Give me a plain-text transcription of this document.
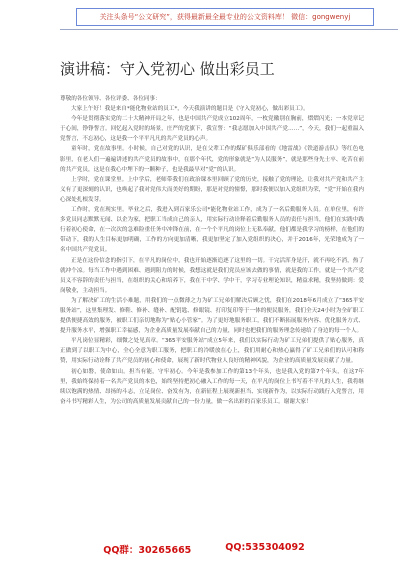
关注头条号“公文研究”，获得最新最全最专业的公文资料库！ 微信：gongwenyj
演讲稿：守入党初心 做出彩员工

尊敬的各位领导、各位评委、各位同事：

大家上午好！我是来自*能化物业站的员工*，今天我演讲的题目是《守入党初心，做出彩员工》。

今年是贯彻落实党的二十大精神开局之年，也是中国共产党成立102周年，一枚党徽别在胸前，熠熠闪光；一本党章记于心间，铮铮誓言。回忆起入党时的场景，庄严的党旗下，我宣誓：“我志愿加入中国共产党……”，今天，我们一起重温入党誓言，不忘初心，这是我一个平平凡凡的共产党员的心声。

童年时，党在故事里。小时候，自己对党的认识，是在父辈工作的煤矿俱乐部看的《地雷战》《铁道游击队》等红色电影里，在老人们一遍遍讲述的共产党员的故事中，在那个年代，党的形象就是“为人民服务”，就是那些身先士卒、吃苦在前的共产党员，这是在我心中埋下的一颗种子，也是我最早对“党”的认识。

上学时，党在课堂里。上中学后，老师带我们在政治课本里回顾了党的历史，接触了党的理论，让我对共产党和共产主义有了更深刻的认识，也唤起了我对党伟大而美好的期盼，那是对党的憧憬，那时我便以加入党组织为荣，“党”开始在我内心深处扎根发芽。

工作时，党在现实里。毕业之后，我进入到百家乐公司*能化物业站工作，成为了一名后勤服务人员。在单位里，有许多党员同志默默无闻、以企为家，把职工当成自己的亲人，用实际行动诠释着后勤服务人员的责任与担当，他们在实践中践行着初心使命，在一次次的急难险重任务中冲锋在前，在一个个平凡的岗位上无私奉献，他们都是我学习的榜样，在他们的带动下，我的人生目标更加明确，工作的方向更加清晰，我更加坚定了加入党组织的决心，并于2016年，光荣地成为了一名中国共产党党员。

正是在这份信念的指引下，在平凡的岗位中，我也开始逐渐追逐了这里的一切。干完活浑身是汗，就不再吃不消，热了就冲个凉。每当工作中遇到困难、遇到阻力的时候，我想这就是我们党员应该去做的事情，就是我的工作，就是一个共产党员义不容辞的责任与担当，在组织的关心和培养下，我在干中学、学中干，学习专业理论知识，精益求精，我坚持做到：爱岗敬业，主动担当。

为了解决矿工的生活小难题，用我们的一点微薄之力为矿工兄弟们解决后顾之忧，我们在2018年6月成立了“365平安服务站”，这里集理发、修鞋、修补、缝补、配钥匙、修眼镜、打印复印等于一体的便民服务，我们全天24小时为全矿职工提供便捷高效的服务，被职工们亲切地称为“贴心小管家”。为了更好地服务职工，我们不断拓展服务内容、优化服务方式、提升服务水平，增强职工幸福感，为企业高质量发展奉献自己的力量，同时也把我们的服务理念传递给了身边的每一个人。

平凡岗位显精彩，细微之处见真章。“365平安服务站”成立5年来，我们以实际行动为矿工兄弟们提供了贴心服务，真正做到了以职工为中心，全心全意为职工服务，把职工的冷暖放在心上，我们用耐心和热心赢得了矿工兄弟们的认可和称赞，用实际行动诠释了共产党员的初心和使命，展现了新时代物业人良好的精神风貌，为企业的高质量发展贡献了力量。

初心如磐，使命如山。担当有能，守牢初心。今年是我参加工作的第13个年头，也是我入党的第7个年头，在这7年里，我始终保持着一名共产党员的本色，始终坚持把初心融入工作的每一天，在平凡的岗位上书写着不平凡的人生，我将继续以饱满的热情、昂扬的斗志，立足岗位、奋发有为，在新征程上展现新担当、实现新作为，以实际行动践行入党誓言，用奋斗书写精彩人生，为公司的高质量发展贡献自己的一份力量，做一名出彩的百家乐员工。谢谢大家！

QQ群：30265665	QQ:535304092
